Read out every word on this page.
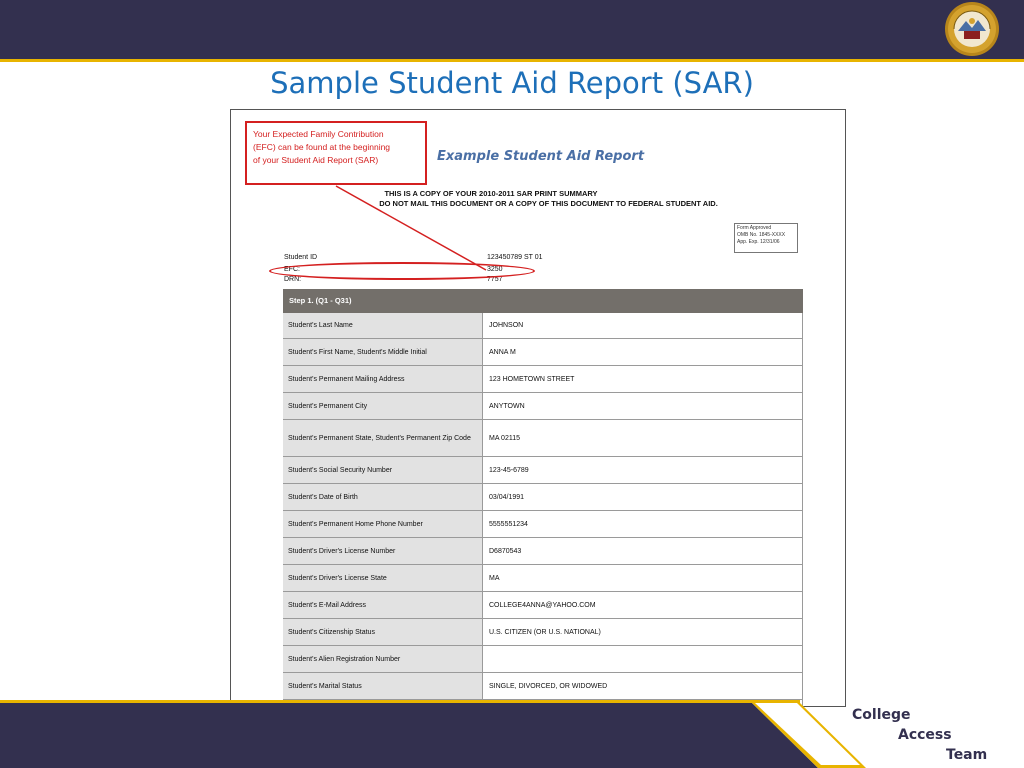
Sample Student Aid Report (SAR)
Your Expected Family Contribution
(EFC) can be found at the beginning
of your Student Aid Report (SAR)	Example Student Aid Report
THIS IS A COPY OF YOUR 2010-2011 SAR PRINT SUMMARY
DO NOT MAIL THIS DOCUMENT OR A COPY OF THIS DOCUMENT TO FEDERAL STUDENT AID.
Form Approved
OMB No. 1845-XXXX
App. Exp. 12/31/06
Student ID	123450789 ST 01
EFC:	3250
DRN:	7757
Step 1. (Q1 - Q31)
Student's Last Name	JOHNSON
Student's First Name, Student's Middle Initial	ANNA M
Student's Permanent Mailing Address	123 HOMETOWN STREET
Student's Permanent City	ANYTOWN
Student's Permanent State, Student's Permanent Zip Code	MA 02115
Student's Social Security Number	123-45-6789
Student's Date of Birth	03/04/1991
Student's Permanent Home Phone Number	5555551234
Student's Driver's License Number	D6870543
Student's Driver's License State	MA
Student's E-Mail Address	COLLEGE4ANNA@YAHOO.COM
Student's Citizenship Status	U.S. CITIZEN (OR U.S. NATIONAL)
Student's Alien Registration Number
Student's Marital Status	SINGLE, DIVORCED, OR WIDOWED
College
Access
Team
